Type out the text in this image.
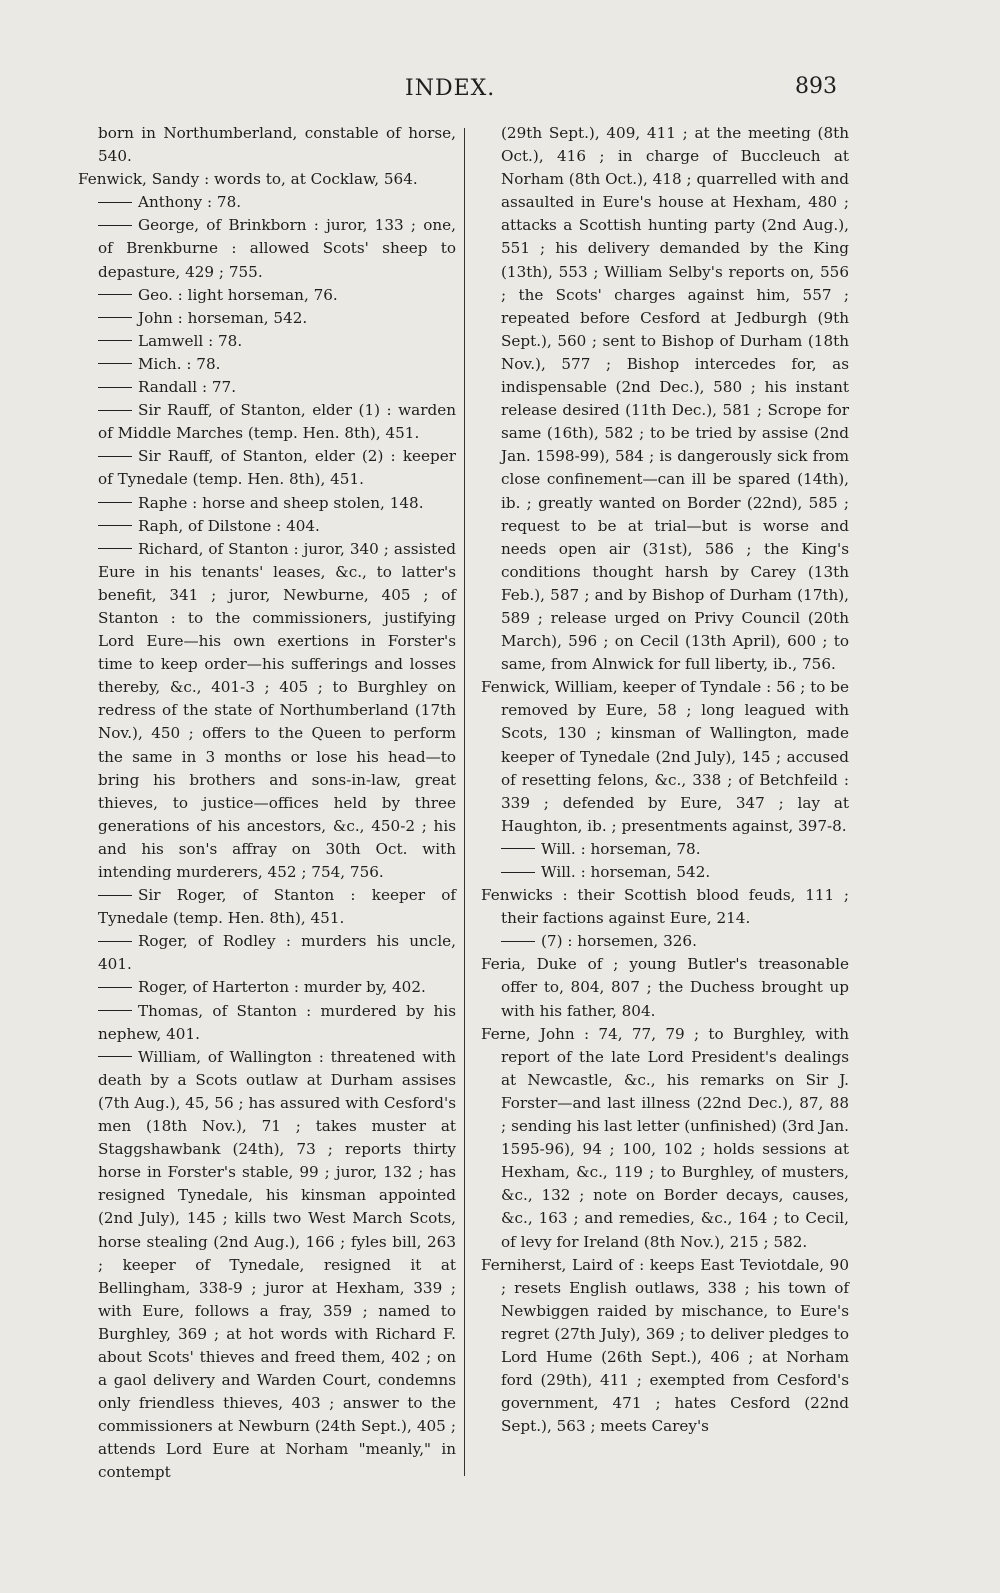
INDEX.	893
born in Northumberland, constable of horse, 540.
Fenwick, Sandy : words to, at Cocklaw, 564.
Anthony : 78.
George, of Brinkborn : juror, 133 ; one, of Brenkburne : allowed Scots' sheep to depasture, 429 ; 755.
Geo. : light horseman, 76.
John : horseman, 542.
Lamwell : 78.
Mich. : 78.
Randall : 77.
Sir Rauff, of Stanton, elder (1) : warden of Middle Marches (temp. Hen. 8th), 451.
Sir Rauff, of Stanton, elder (2) : keeper of Tynedale (temp. Hen. 8th), 451.
Raphe : horse and sheep stolen, 148.
Raph, of Dilstone : 404.
Richard, of Stanton : juror, 340 ; assisted Eure in his tenants' leases, &c., to latter's benefit, 341 ; juror, Newburne, 405 ; of Stanton : to the commissioners, justifying Lord Eure—his own exertions in Forster's time to keep order—his sufferings and losses thereby, &c., 401-3 ; 405 ; to Burghley on redress of the state of Northumberland (17th Nov.), 450 ; offers to the Queen to perform the same in 3 months or lose his head—to bring his brothers and sons-in-law, great thieves, to justice—offices held by three generations of his ancestors, &c., 450-2 ; his and his son's affray on 30th Oct. with intending murderers, 452 ; 754, 756.
Sir Roger, of Stanton : keeper of Tynedale (temp. Hen. 8th), 451.
Roger, of Rodley : murders his uncle, 401.
Roger, of Harterton : murder by, 402.
Thomas, of Stanton : murdered by his nephew, 401.
William, of Wallington : threatened with death by a Scots outlaw at Durham assises (7th Aug.), 45, 56 ; has assured with Cesford's men (18th Nov.), 71 ; takes muster at Staggshawbank (24th), 73 ; reports thirty horse in Forster's stable, 99 ; juror, 132 ; has resigned Tynedale, his kinsman appointed (2nd July), 145 ; kills two West March Scots, horse stealing (2nd Aug.), 166 ; fyles bill, 263 ; keeper of Tynedale, resigned it at Bellingham, 338-9 ; juror at Hexham, 339 ; with Eure, follows a fray, 359 ; named to Burghley, 369 ; at hot words with Richard F. about Scots' thieves and freed them, 402 ; on a gaol delivery and Warden Court, condemns only friendless thieves, 403 ; answer to the commissioners at Newburn (24th Sept.), 405 ; attends Lord Eure at Norham "meanly," in contempt
(29th Sept.), 409, 411 ; at the meeting (8th Oct.), 416 ; in charge of Buccleuch at Norham (8th Oct.), 418 ; quarrelled with and assaulted in Eure's house at Hexham, 480 ; attacks a Scottish hunting party (2nd Aug.), 551 ; his delivery demanded by the King (13th), 553 ; William Selby's reports on, 556 ; the Scots' charges against him, 557 ; repeated before Cesford at Jedburgh (9th Sept.), 560 ; sent to Bishop of Durham (18th Nov.), 577 ; Bishop intercedes for, as indispensable (2nd Dec.), 580 ; his instant release desired (11th Dec.), 581 ; Scrope for same (16th), 582 ; to be tried by assise (2nd Jan. 1598-99), 584 ; is dangerously sick from close confinement—can ill be spared (14th), ib. ; greatly wanted on Border (22nd), 585 ; request to be at trial—but is worse and needs open air (31st), 586 ; the King's conditions thought harsh by Carey (13th Feb.), 587 ; and by Bishop of Durham (17th), 589 ; release urged on Privy Council (20th March), 596 ; on Cecil (13th April), 600 ; to same, from Alnwick for full liberty, ib., 756.
Fenwick, William, keeper of Tyndale : 56 ; to be removed by Eure, 58 ; long leagued with Scots, 130 ; kinsman of Wallington, made keeper of Tynedale (2nd July), 145 ; accused of resetting felons, &c., 338 ; of Betchfeild : 339 ; defended by Eure, 347 ; lay at Haughton, ib. ; presentments against, 397-8.
Will. : horseman, 78.
Will. : horseman, 542.
Fenwicks : their Scottish blood feuds, 111 ; their factions against Eure, 214.
(7) : horsemen, 326.
Feria, Duke of ; young Butler's treasonable offer to, 804, 807 ; the Duchess brought up with his father, 804.
Ferne, John : 74, 77, 79 ; to Burghley, with report of the late Lord President's dealings at Newcastle, &c., his remarks on Sir J. Forster—and last illness (22nd Dec.), 87, 88 ; sending his last letter (unfinished) (3rd Jan. 1595-96), 94 ; 100, 102 ; holds sessions at Hexham, &c., 119 ; to Burghley, of musters, &c., 132 ; note on Border decays, causes, &c., 163 ; and remedies, &c., 164 ; to Cecil, of levy for Ireland (8th Nov.), 215 ; 582.
Ferniherst, Laird of : keeps East Teviotdale, 90 ; resets English outlaws, 338 ; his town of Newbiggen raided by mischance, to Eure's regret (27th July), 369 ; to deliver pledges to Lord Hume (26th Sept.), 406 ; at Norham ford (29th), 411 ; exempted from Cesford's government, 471 ; hates Cesford (22nd Sept.), 563 ; meets Carey's
